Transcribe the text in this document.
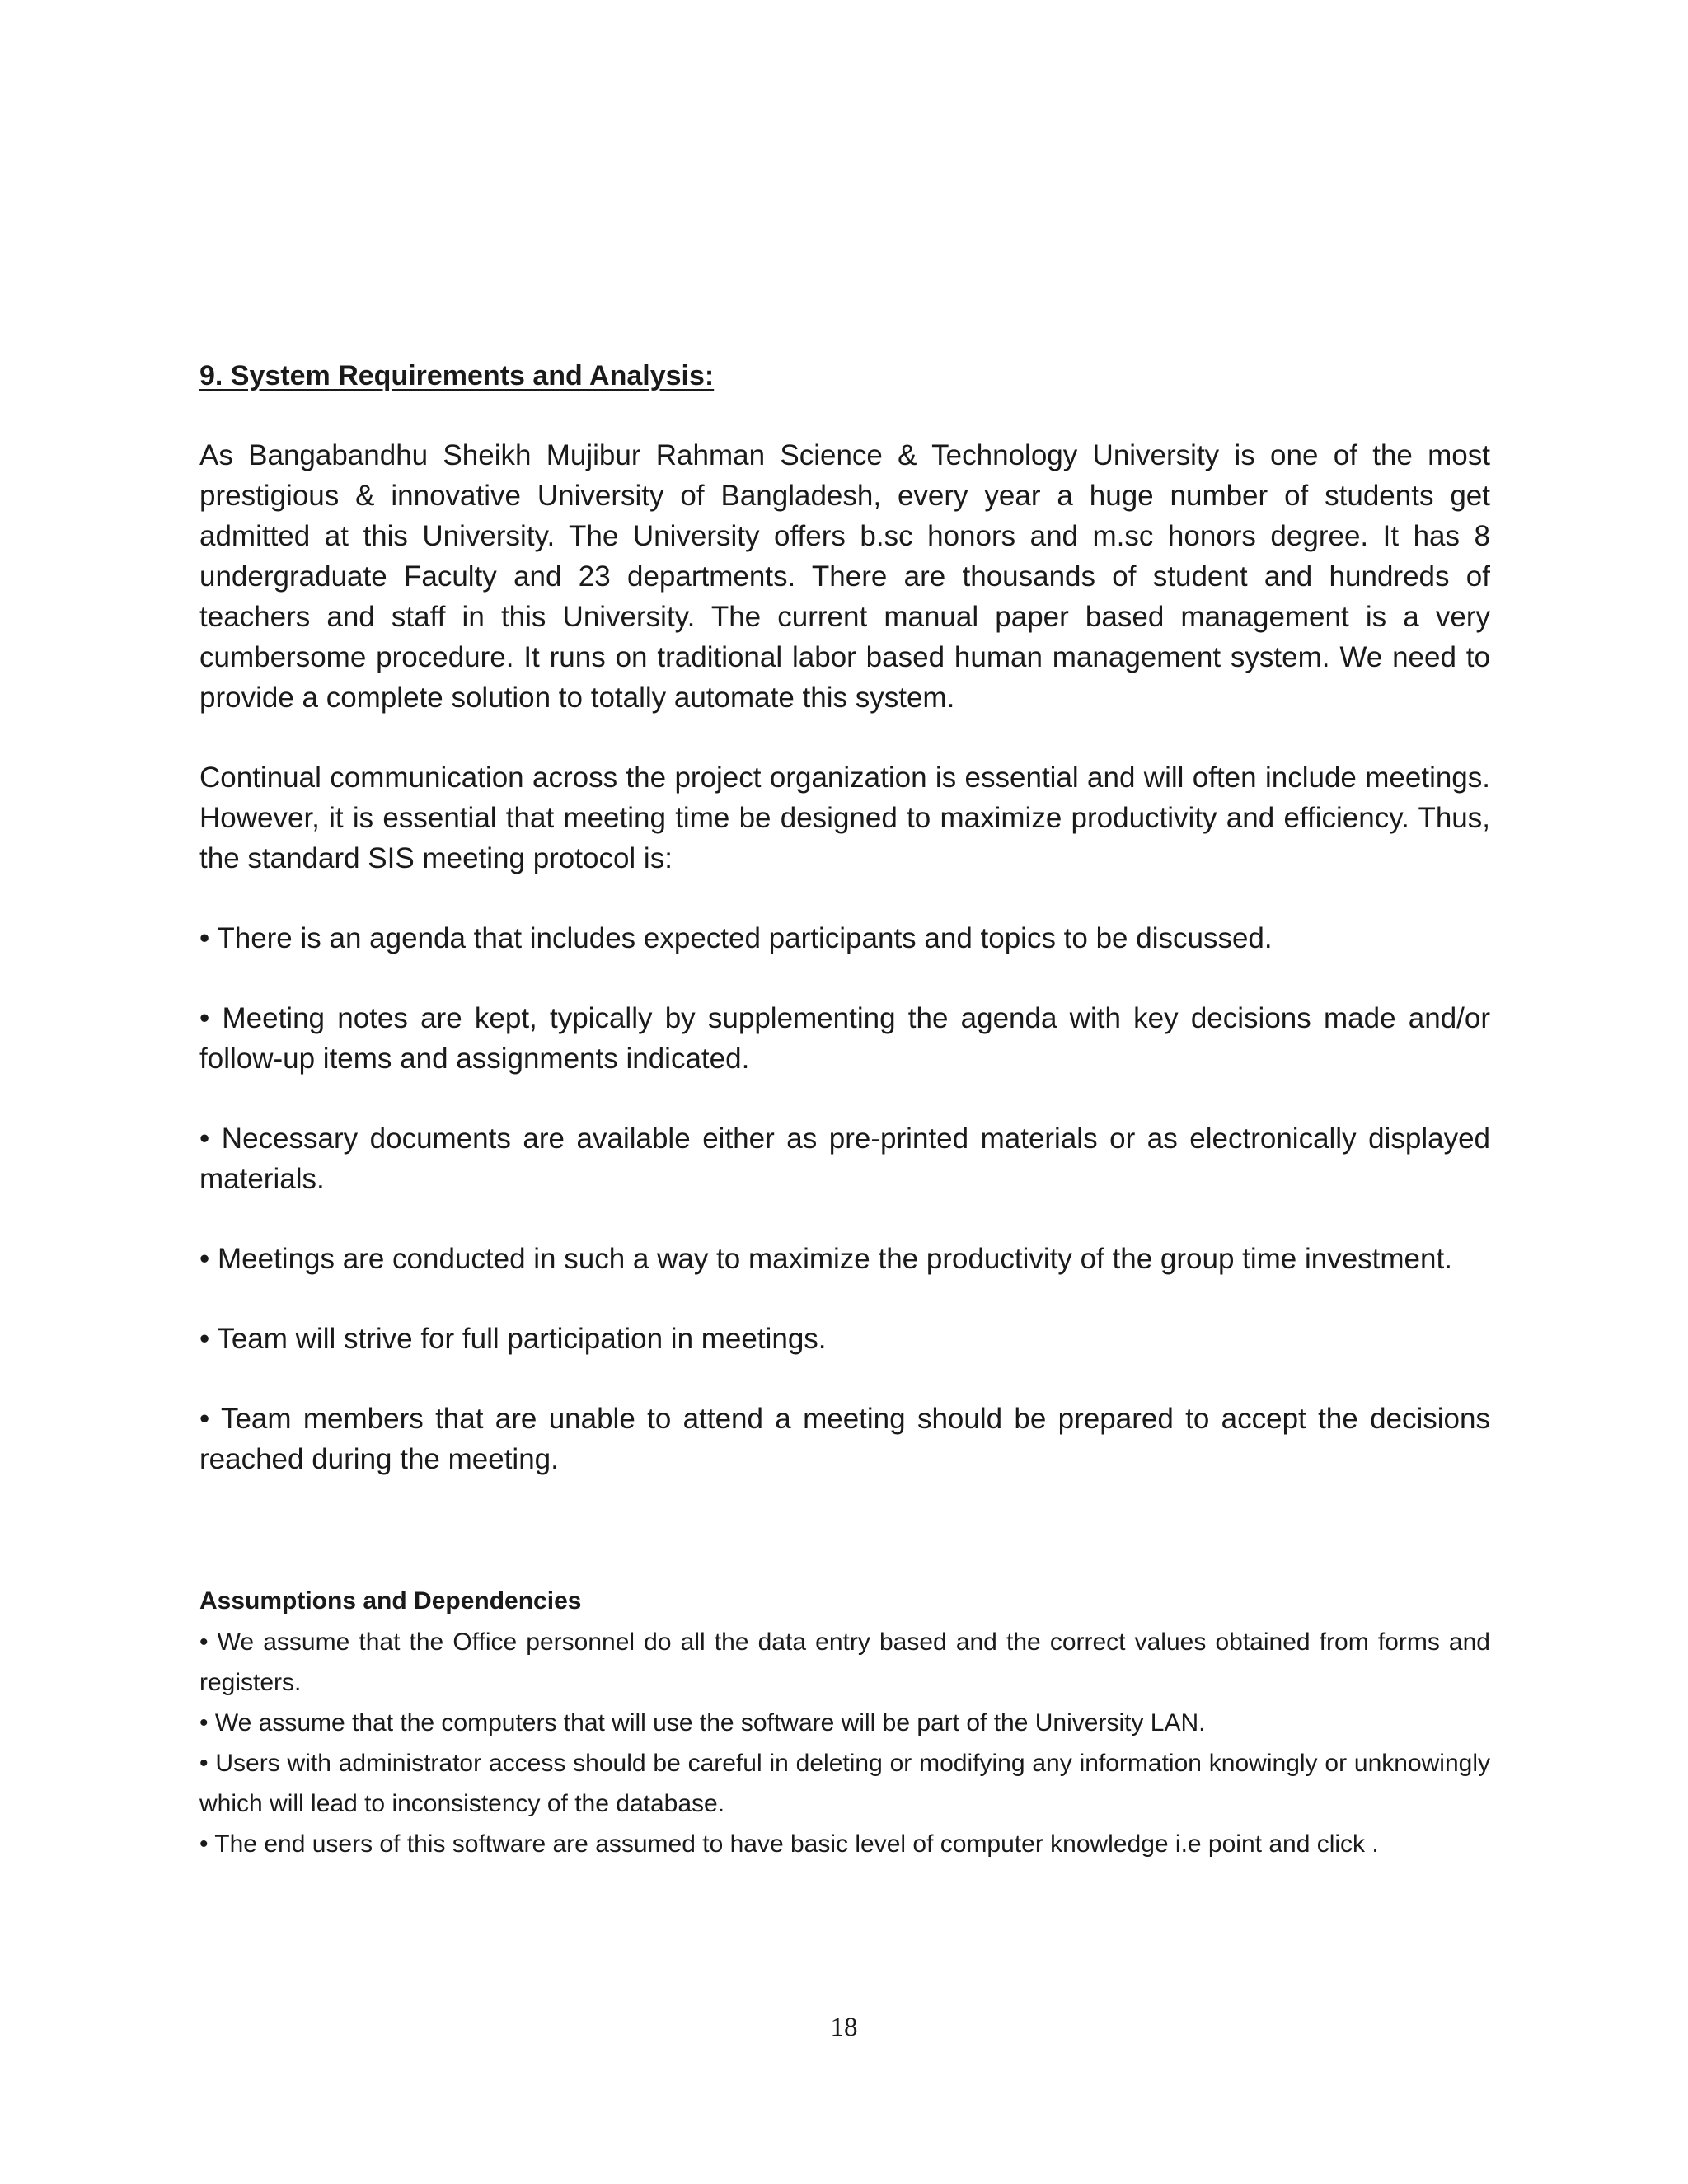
9. System Requirements and Analysis:

As Bangabandhu Sheikh Mujibur Rahman Science & Technology University is one of the most prestigious & innovative University of Bangladesh, every year a huge number of students get admitted at this University. The University offers b.sc honors and m.sc honors degree. It has 8 undergraduate Faculty and 23 departments. There are thousands of student and hundreds of teachers and staff in this University. The current manual paper based management is a very cumbersome procedure. It runs on traditional labor based human management system. We need to provide a complete solution to totally automate this system.

Continual communication across the project organization is essential and will often include meetings. However, it is essential that meeting time be designed to maximize productivity and efficiency. Thus, the standard SIS meeting protocol is:

• There is an agenda that includes expected participants and topics to be discussed.

• Meeting notes are kept, typically by supplementing the agenda with key decisions made and/or follow-up items and assignments indicated.

• Necessary documents are available either as pre-printed materials or as electronically displayed materials.

• Meetings are conducted in such a way to maximize the productivity of the group time investment.

• Team will strive for full participation in meetings.

• Team members that are unable to attend a meeting should be prepared to accept the decisions reached during the meeting.

Assumptions and Dependencies

• We assume that the Office personnel do all the data entry based and the correct values obtained from forms and registers.

• We assume that the computers that will use the software will be part of the University LAN.

• Users with administrator access should be careful in deleting or modifying any information knowingly or unknowingly which will lead to inconsistency of the database.

• The end users of this software are assumed to have basic level of computer knowledge i.e point and click .

18
